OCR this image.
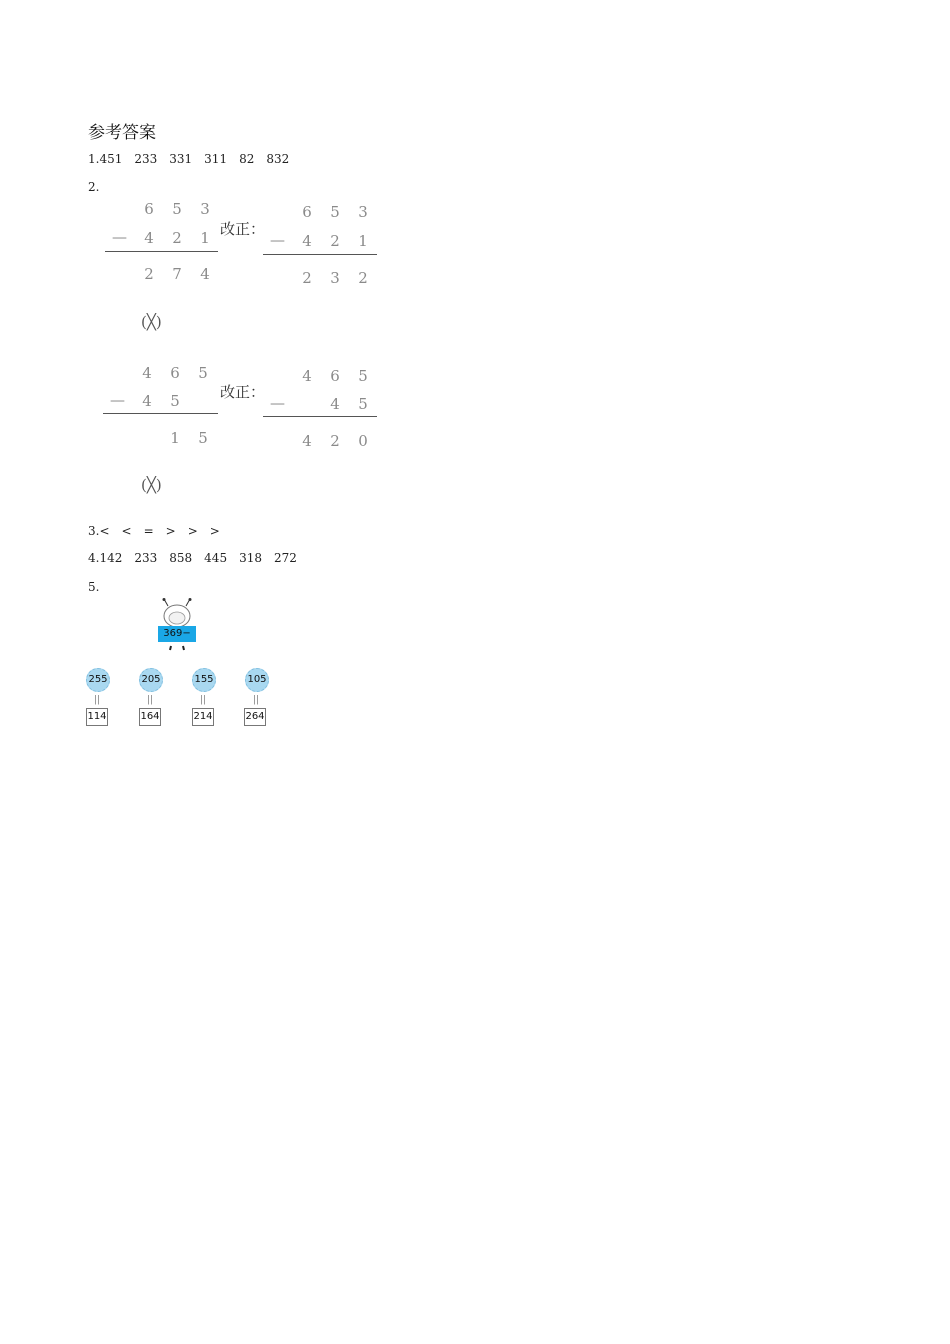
参考答案
1.451 233 331 311 82 832
2.
6 5 3
— 4 2 1
2 7 4
改正：
6 5 3
— 4 2 1
2 3 2
(╳)
4 6 5
— 4 5
1 5
改正：
4 6 5
—	4 5
4 2 0
(╳)
3.< < = > > >
4.142 233 858 445 318 272
5.
369−
255	205	155	105
||	||	||	||
114	164	214	264
